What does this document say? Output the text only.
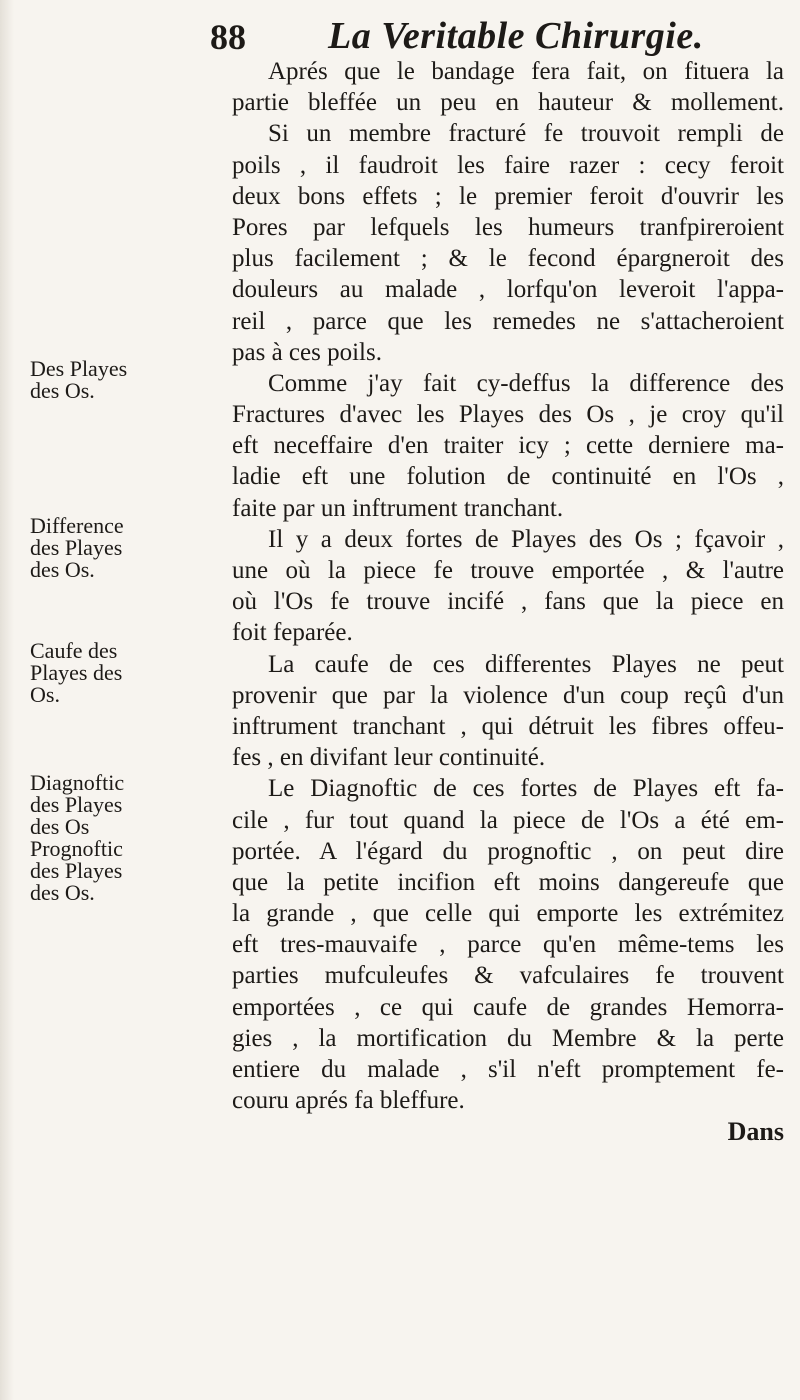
88 La Veritable Chirurgie.
Des Playes
des Os.
Difference
des Playes
des Os.
Caufe des
Playes des
Os.
Diagnoftic
des Playes
des Os
Prognoftic
des Playes
des Os.
Aprés que le bandage fera fait, on fituera la
partie bleffée un peu en hauteur & mollement.
Si un membre fracturé fe trouvoit rempli de
poils , il faudroit les faire razer : cecy feroit
deux bons effets ; le premier feroit d'ouvrir les
Pores par lefquels les humeurs tranfpireroient
plus facilement ; & le fecond épargneroit des
douleurs au malade , lorfqu'on leveroit l'appa-
reil , parce que les remedes ne s'attacheroient
pas à ces poils.
Comme j'ay fait cy-deffus la difference des
Fractures d'avec les Playes des Os , je croy qu'il
eft neceffaire d'en traiter icy ; cette derniere ma-
ladie eft une folution de continuité en l'Os ,
faite par un inftrument tranchant.
Il y a deux fortes de Playes des Os ; fçavoir ,
une où la piece fe trouve emportée , & l'autre
où l'Os fe trouve incifé , fans que la piece en
foit feparée.
La caufe de ces differentes Playes ne peut
provenir que par la violence d'un coup reçû d'un
inftrument tranchant , qui détruit les fibres offeu-
fes , en divifant leur continuité.
Le Diagnoftic de ces fortes de Playes eft fa-
cile , fur tout quand la piece de l'Os a été em-
portée. A l'égard du prognoftic , on peut dire
que la petite incifion eft moins dangereufe que
la grande , que celle qui emporte les extrémitez
eft tres-mauvaife , parce qu'en même-tems les
parties mufculeufes & vafculaires fe trouvent
emportées , ce qui caufe de grandes Hemorra-
gies , la mortification du Membre & la perte
entiere du malade , s'il n'eft promptement fe-
couru aprés fa bleffure.
Dans
